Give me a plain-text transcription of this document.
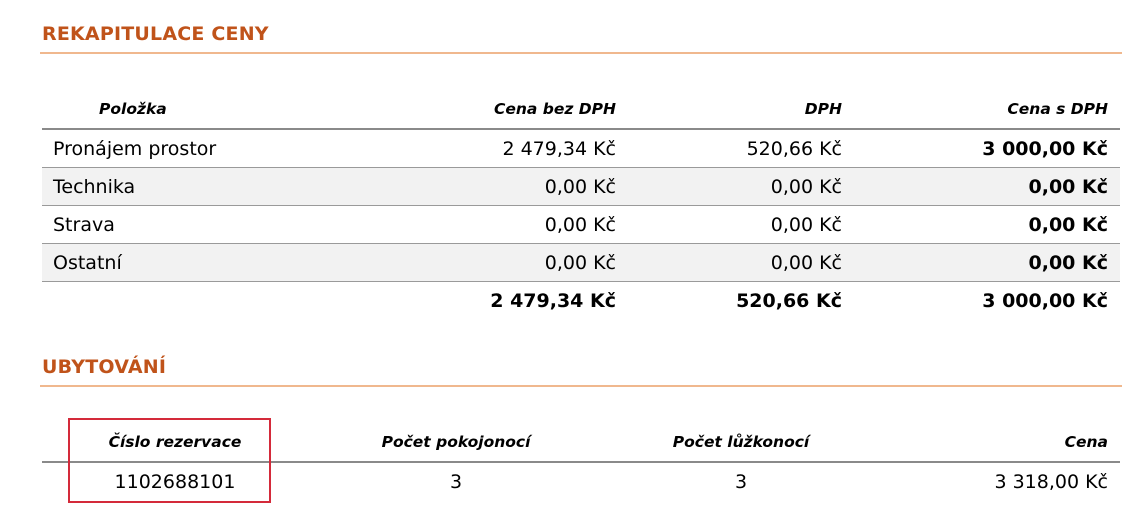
REKAPITULACE CENY
Položka	Cena bez DPH	DPH	Cena s DPH
Pronájem prostor	2 479,34 Kč	520,66 Kč	3 000,00 Kč
Technika	0,00 Kč	0,00 Kč	0,00 Kč
Strava	0,00 Kč	0,00 Kč	0,00 Kč
Ostatní	0,00 Kč	0,00 Kč	0,00 Kč
	2 479,34 Kč	520,66 Kč	3 000,00 Kč
UBYTOVÁNÍ
Číslo rezervace	Počet pokojonocí	Počet lůžkonocí	Cena
1102688101	3	3	3 318,00 Kč
